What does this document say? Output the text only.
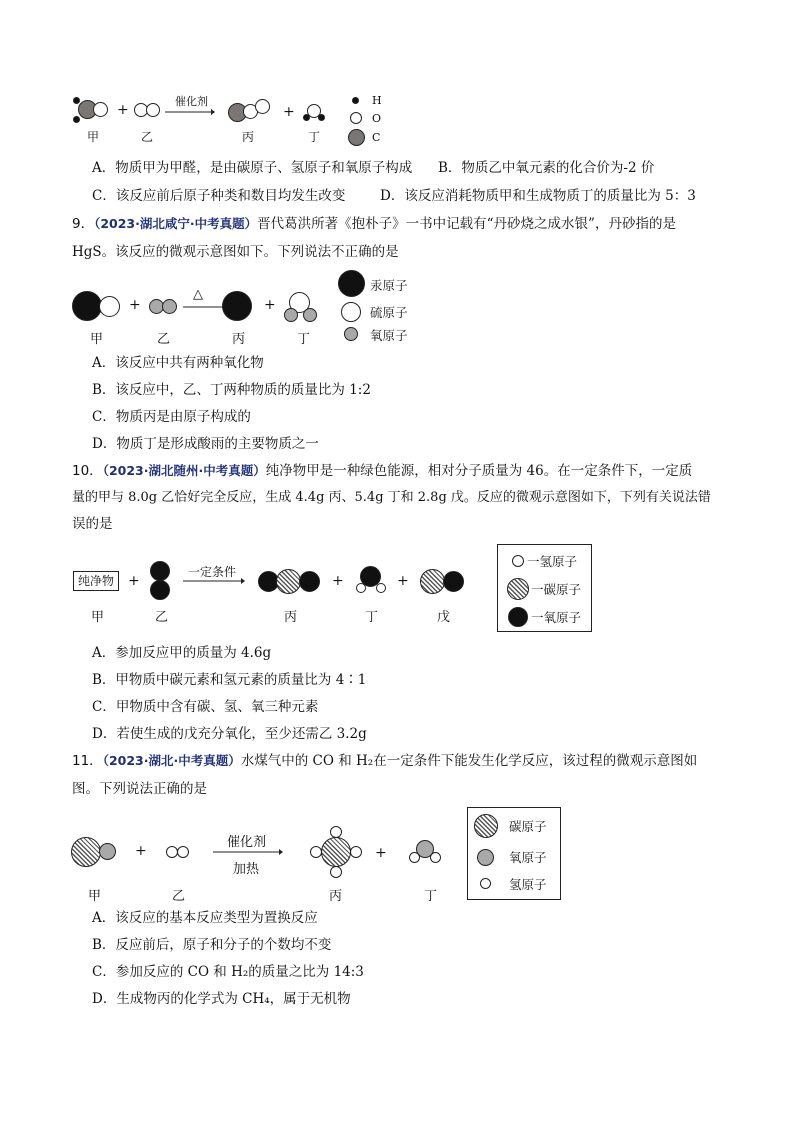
+
催化剂
+
甲	乙	丙	丁
H
O
C
A．物质甲为甲醛，是由碳原子、氢原子和氧原子构成 B．物质乙中氧元素的化合价为-2 价
C．该反应前后原子种类和数目均发生改变	D．该反应消耗物质甲和生成物质丁的质量比为 5：3
9．（2023·湖北咸宁·中考真题）晋代葛洪所著《抱朴子》一书中记载有“丹砂烧之成水银”，丹砂指的是
HgS。该反应的微观示意图如下。下列说法不正确的是
+
△
+
甲	乙	丙	丁
汞原子
硫原子
氧原子
A．该反应中共有两种氧化物
B．该反应中，乙、丁两种物质的质量比为 1:2
C．物质丙是由原子构成的
D．物质丁是形成酸雨的主要物质之一
10．（2023·湖北随州·中考真题）纯净物甲是一种绿色能源，相对分子质量为 46。在一定条件下，一定质
量的甲与 8.0g 乙恰好完全反应，生成 4.4g 丙、5.4g 丁和 2.8g 戊。反应的微观示意图如下，下列有关说法错
误的是
纯净物	+
一定条件
+	+
甲	乙	丙	丁	戊
一氢原子
一碳原子
一氧原子
A．参加反应甲的质量为 4.6g
B．甲物质中碳元素和氢元素的质量比为 4∶1
C．甲物质中含有碳、氢、氧三种元素
D．若使生成的戊充分氧化，至少还需乙 3.2g
11．（2023·湖北·中考真题）水煤气中的 CO 和 H₂在一定条件下能发生化学反应，该过程的微观示意图如
图。下列说法正确的是
+
催化剂
加热
+
甲	乙	丙	丁
碳原子
氧原子
氢原子
A．该反应的基本反应类型为置换反应
B．反应前后，原子和分子的个数均不变
C．参加反应的 CO 和 H₂的质量之比为 14:3
D．生成物丙的化学式为 CH₄，属于无机物
